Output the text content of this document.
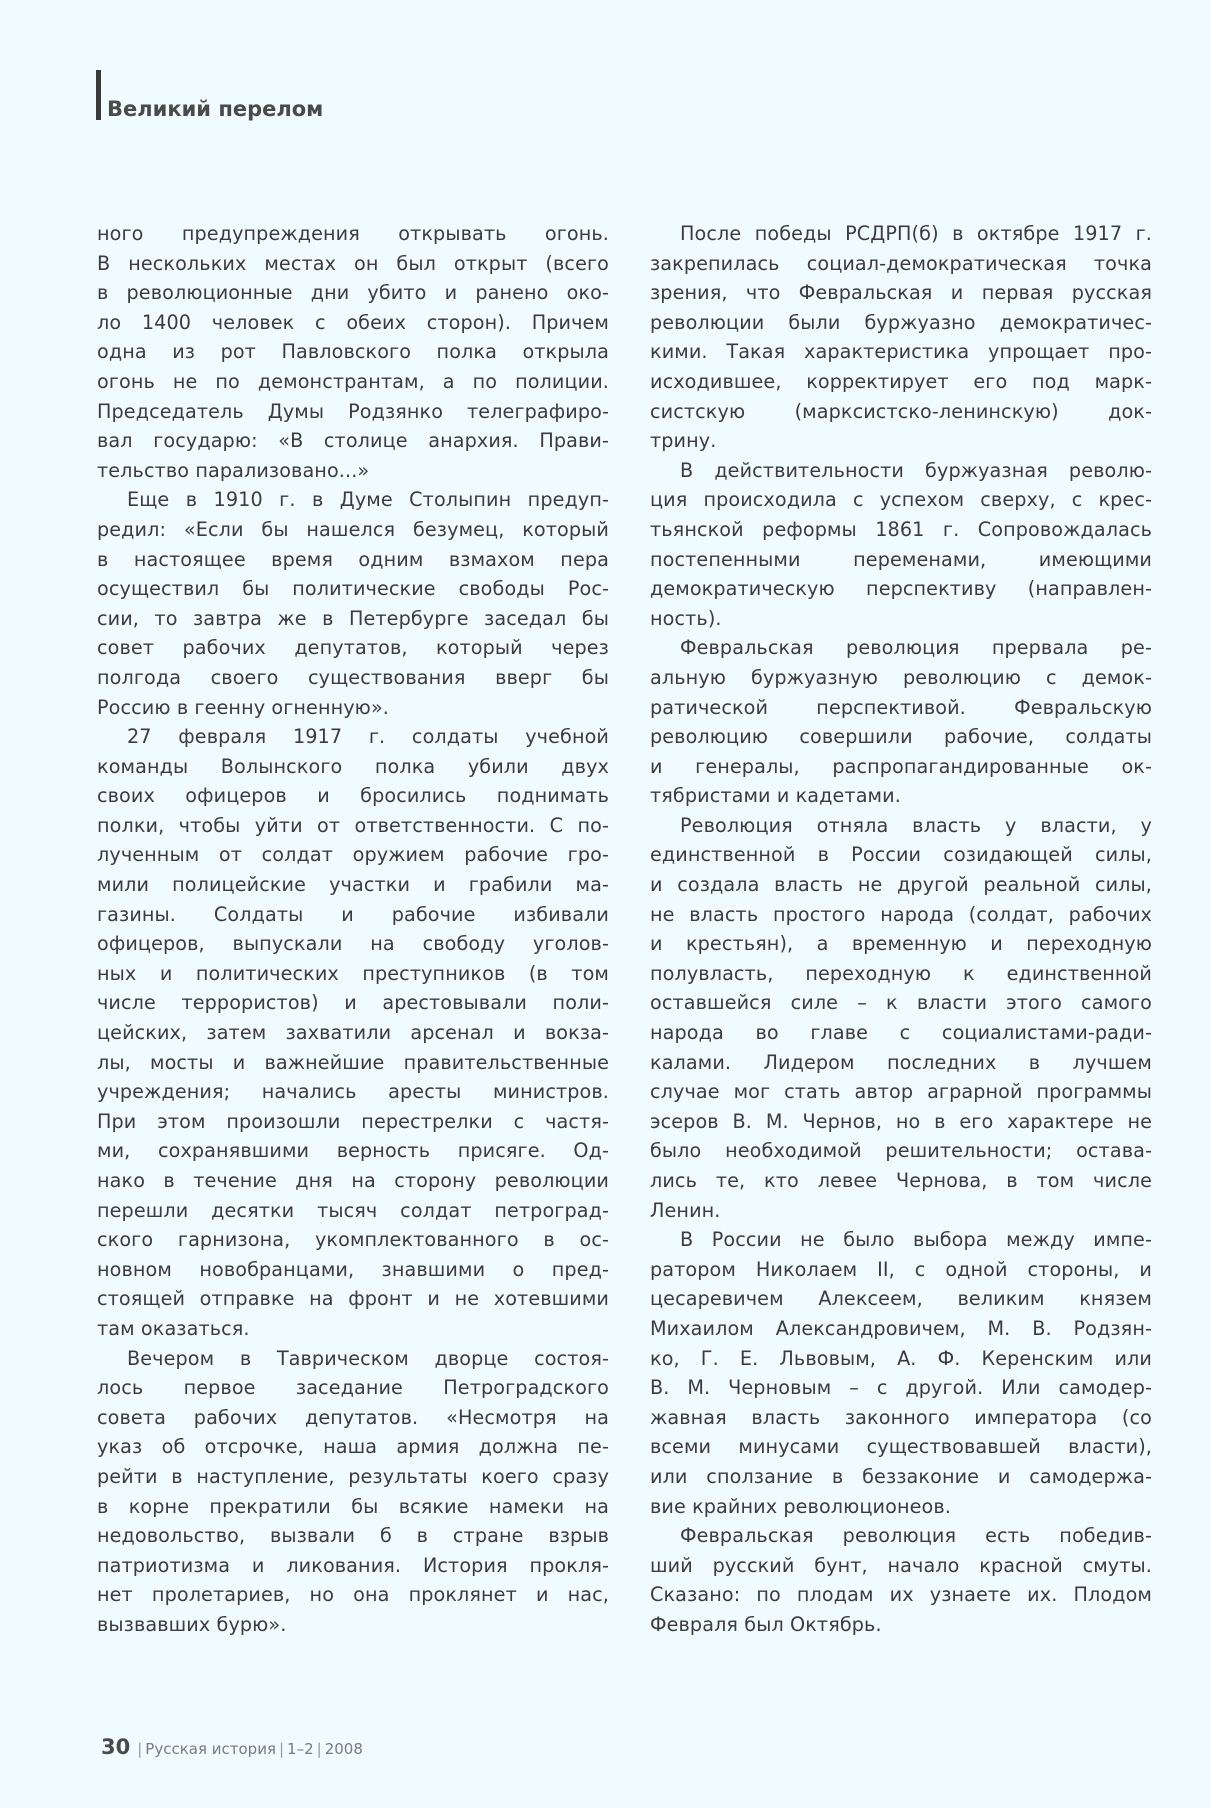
Великий перелом
ного предупреждения открывать огонь.
В нескольких местах он был открыт (всего
в революционные дни убито и ранено око-
ло 1400 человек с обеих сторон). Причем
одна из рот Павловского полка открыла
огонь не по демонстрантам, а по полиции.
Председатель Думы Родзянко телеграфиро-
вал государю: «В столице анархия. Прави-
тельство парализовано...»
Еще в 1910 г. в Думе Столыпин предуп-
редил: «Если бы нашелся безумец, который
в настоящее время одним взмахом пера
осуществил бы политические свободы Рос-
сии, то завтра же в Петербурге заседал бы
совет рабочих депутатов, который через
полгода своего существования вверг бы
Россию в геенну огненную».
27 февраля 1917 г. солдаты учебной
команды Волынского полка убили двух
своих офицеров и бросились поднимать
полки, чтобы уйти от ответственности. С по-
лученным от солдат оружием рабочие гро-
мили полицейские участки и грабили ма-
газины. Солдаты и рабочие избивали
офицеров, выпускали на свободу уголов-
ных и политических преступников (в том
числе террористов) и арестовывали поли-
цейских, затем захватили арсенал и вокза-
лы, мосты и важнейшие правительственные
учреждения; начались аресты министров.
При этом произошли перестрелки с частя-
ми, сохранявшими верность присяге. Од-
нако в течение дня на сторону революции
перешли десятки тысяч солдат петроград-
ского гарнизона, укомплектованного в ос-
новном новобранцами, знавшими о пред-
стоящей отправке на фронт и не хотевшими
там оказаться.
Вечером в Таврическом дворце состоя-
лось первое заседание Петроградского
совета рабочих депутатов. «Несмотря на
указ об отсрочке, наша армия должна пе-
рейти в наступление, результаты коего сразу
в корне прекратили бы всякие намеки на
недовольство, вызвали б в стране взрыв
патриотизма и ликования. История прокля-
нет пролетариев, но она проклянет и нас,
вызвавших бурю».
После победы РСДРП(б) в октябре 1917 г.
закрепилась социал-демократическая точка
зрения, что Февральская и первая русская
революции были буржуазно демократичес-
кими. Такая характеристика упрощает про-
исходившее, корректирует его под марк-
систскую (марксистско-ленинскую) док-
трину.
В действительности буржуазная револю-
ция происходила с успехом сверху, с крес-
тьянской реформы 1861 г. Сопровождалась
постепенными переменами, имеющими
демократическую перспективу (направлен-
ность).
Февральская революция прервала ре-
альную буржуазную революцию с демок-
ратической перспективой. Февральскую
революцию совершили рабочие, солдаты
и генералы, распропагандированные ок-
тябристами и кадетами.
Революция отняла власть у власти, у
единственной в России созидающей силы,
и создала власть не другой реальной силы,
не власть простого народа (солдат, рабочих
и крестьян), а временную и переходную
полувласть, переходную к единственной
оставшейся силе – к власти этого самого
народа во главе с социалистами-ради-
калами. Лидером последних в лучшем
случае мог стать автор аграрной программы
эсеров В. М. Чернов, но в его характере не
было необходимой решительности; остава-
лись те, кто левее Чернова, в том числе
Ленин.
В России не было выбора между импе-
ратором Николаем II, с одной стороны, и
цесаревичем Алексеем, великим князем
Михаилом Александровичем, М. В. Родзян-
ко, Г. Е. Львовым, А. Ф. Керенским или
В. М. Черновым – с другой. Или самодер-
жавная власть законного императора (со
всеми минусами существовавшей власти),
или сползание в беззаконие и самодержа-
вие крайних революционеов.
Февральская революция есть победив-
ший русский бунт, начало красной смуты.
Сказано: по плодам их узнаете их. Плодом
Февраля был Октябрь.
30 | Русская история | 1–2 | 2008
